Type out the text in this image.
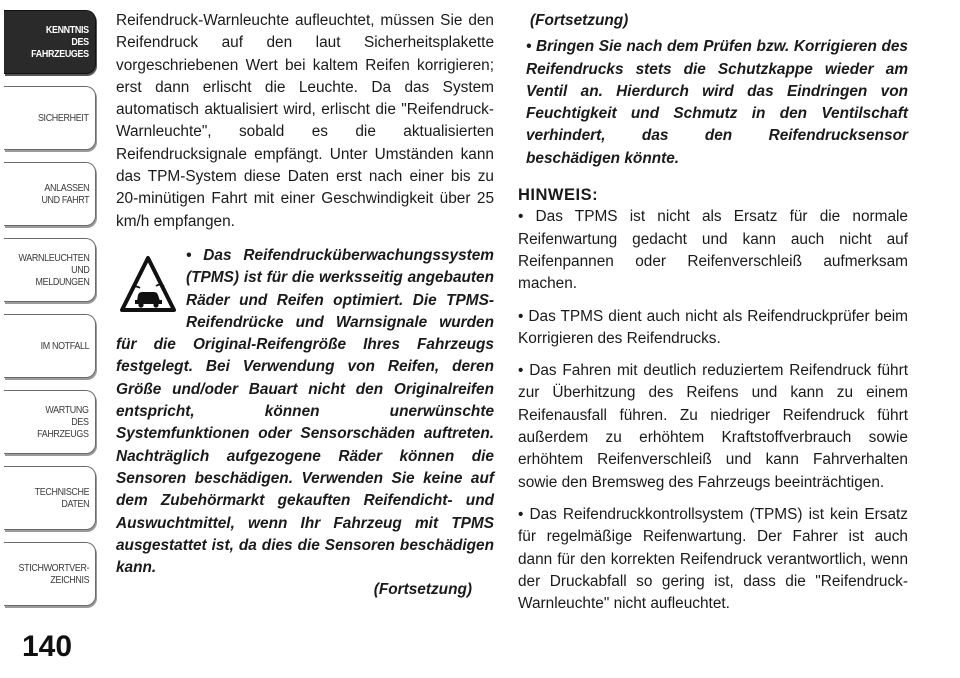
KENNTNIS
DES
FAHRZEUGES
SICHERHEIT
ANLASSEN
UND FAHRT
WARNLEUCHTEN
UND
MELDUNGEN
IM NOTFALL
WARTUNG
DES
FAHRZEUGS
TECHNISCHE
DATEN
STICHWORTVER-
ZEICHNIS
140

Reifendruck-Warnleuchte aufleuchtet, müssen Sie den Reifendruck auf den laut Sicherheitsplakette vorgeschriebenen Wert bei kaltem Reifen korrigieren; erst dann erlischt die Leuchte. Da das System automatisch aktualisiert wird, erlischt die "Reifendruck-Warnleuchte", sobald es die aktualisierten Reifendrucksignale empfängt. Unter Umständen kann das TPM-System diese Daten erst nach einer bis zu 20-minütigen Fahrt mit einer Geschwindigkeit über 25 km/h empfangen.

• Das Reifendrucküberwachungssystem (TPMS) ist für die werksseitig angebauten Räder und Reifen optimiert. Die TPMS-Reifendrücke und Warnsignale wurden für die Original-Reifengröße Ihres Fahrzeugs festgelegt. Bei Verwendung von Reifen, deren Größe und/oder Bauart nicht den Originalreifen entspricht, können unerwünschte Systemfunktionen oder Sensorschäden auftreten. Nachträglich aufgezogene Räder können die Sensoren beschädigen. Verwenden Sie keine auf dem Zubehörmarkt gekauften Reifendicht- und Auswuchtmittel, wenn Ihr Fahrzeug mit TPMS ausgestattet ist, da dies die Sensoren beschädigen kann.

(Fortsetzung)

(Fortsetzung)

• Bringen Sie nach dem Prüfen bzw. Korrigieren des Reifendrucks stets die Schutzkappe wieder am Ventil an. Hierdurch wird das Eindringen von Feuchtigkeit und Schmutz in den Ventilschaft verhindert, das den Reifendrucksensor beschädigen könnte.

HINWEIS:

• Das TPMS ist nicht als Ersatz für die normale Reifenwartung gedacht und kann auch nicht auf Reifenpannen oder Reifenverschleiß aufmerksam machen.

• Das TPMS dient auch nicht als Reifendruckprüfer beim Korrigieren des Reifendrucks.

• Das Fahren mit deutlich reduziertem Reifendruck führt zur Überhitzung des Reifens und kann zu einem Reifenausfall führen. Zu niedriger Reifendruck führt außerdem zu erhöhtem Kraftstoffverbrauch sowie erhöhtem Reifenverschleiß und kann Fahrverhalten sowie den Bremsweg des Fahrzeugs beeinträchtigen.

• Das Reifendruckkontrollsystem (TPMS) ist kein Ersatz für regelmäßige Reifenwartung. Der Fahrer ist auch dann für den korrekten Reifendruck verantwortlich, wenn der Druckabfall so gering ist, dass die "Reifendruck-Warnleuchte" nicht aufleuchtet.
